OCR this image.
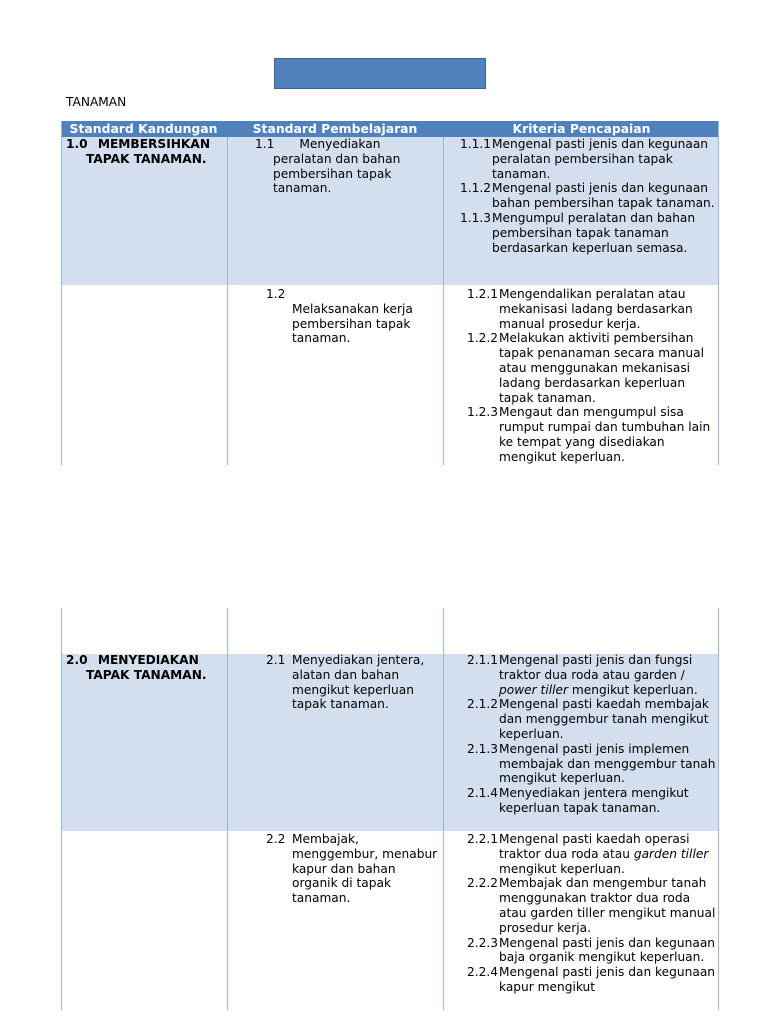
TANAMAN
Standard Kandungan	Standard Pembelajaran	Kriteria Pencapaian
1.0 MEMBERSIHKAN
TAPAK TANAMAN.
1.1 Menyediakan
peralatan dan bahan pembersihan tapak tanaman.
1.1.1 Mengenal pasti jenis dan kegunaan peralatan pembersihan tapak tanaman.
1.1.2 Mengenal pasti jenis dan kegunaan bahan pembersihan tapak tanaman.
1.1.3 Mengumpul peralatan dan bahan pembersihan tapak tanaman berdasarkan keperluan semasa.
1.2
Melaksanakan kerja pembersihan tapak tanaman.
1.2.1 Mengendalikan peralatan atau mekanisasi ladang berdasarkan manual prosedur kerja.
1.2.2 Melakukan aktiviti pembersihan tapak penanaman secara manual atau menggunakan mekanisasi ladang berdasarkan keperluan tapak tanaman.
1.2.3 Mengaut dan mengumpul sisa rumput rumpai dan tumbuhan lain ke tempat yang disediakan mengikut keperluan.
2.0 MENYEDIAKAN
TAPAK TANAMAN.
2.1 Menyediakan jentera, alatan dan bahan mengikut keperluan tapak tanaman.
2.1.1 Mengenal pasti jenis dan fungsi traktor dua roda atau garden / power tiller mengikut keperluan.
2.1.2 Mengenal pasti kaedah membajak dan menggembur tanah mengikut keperluan.
2.1.3 Mengenal pasti jenis implemen membajak dan menggembur tanah mengikut keperluan.
2.1.4 Menyediakan jentera mengikut keperluan tapak tanaman.
2.2 Membajak, menggembur, menabur kapur dan bahan organik di tapak tanaman.
2.2.1 Mengenal pasti kaedah operasi traktor dua roda atau garden tiller mengikut keperluan.
2.2.2 Membajak dan mengembur tanah menggunakan traktor dua roda atau garden tiller mengikut manual prosedur kerja.
2.2.3 Mengenal pasti jenis dan kegunaan baja organik mengikut keperluan.
2.2.4 Mengenal pasti jenis dan kegunaan kapur mengikut
